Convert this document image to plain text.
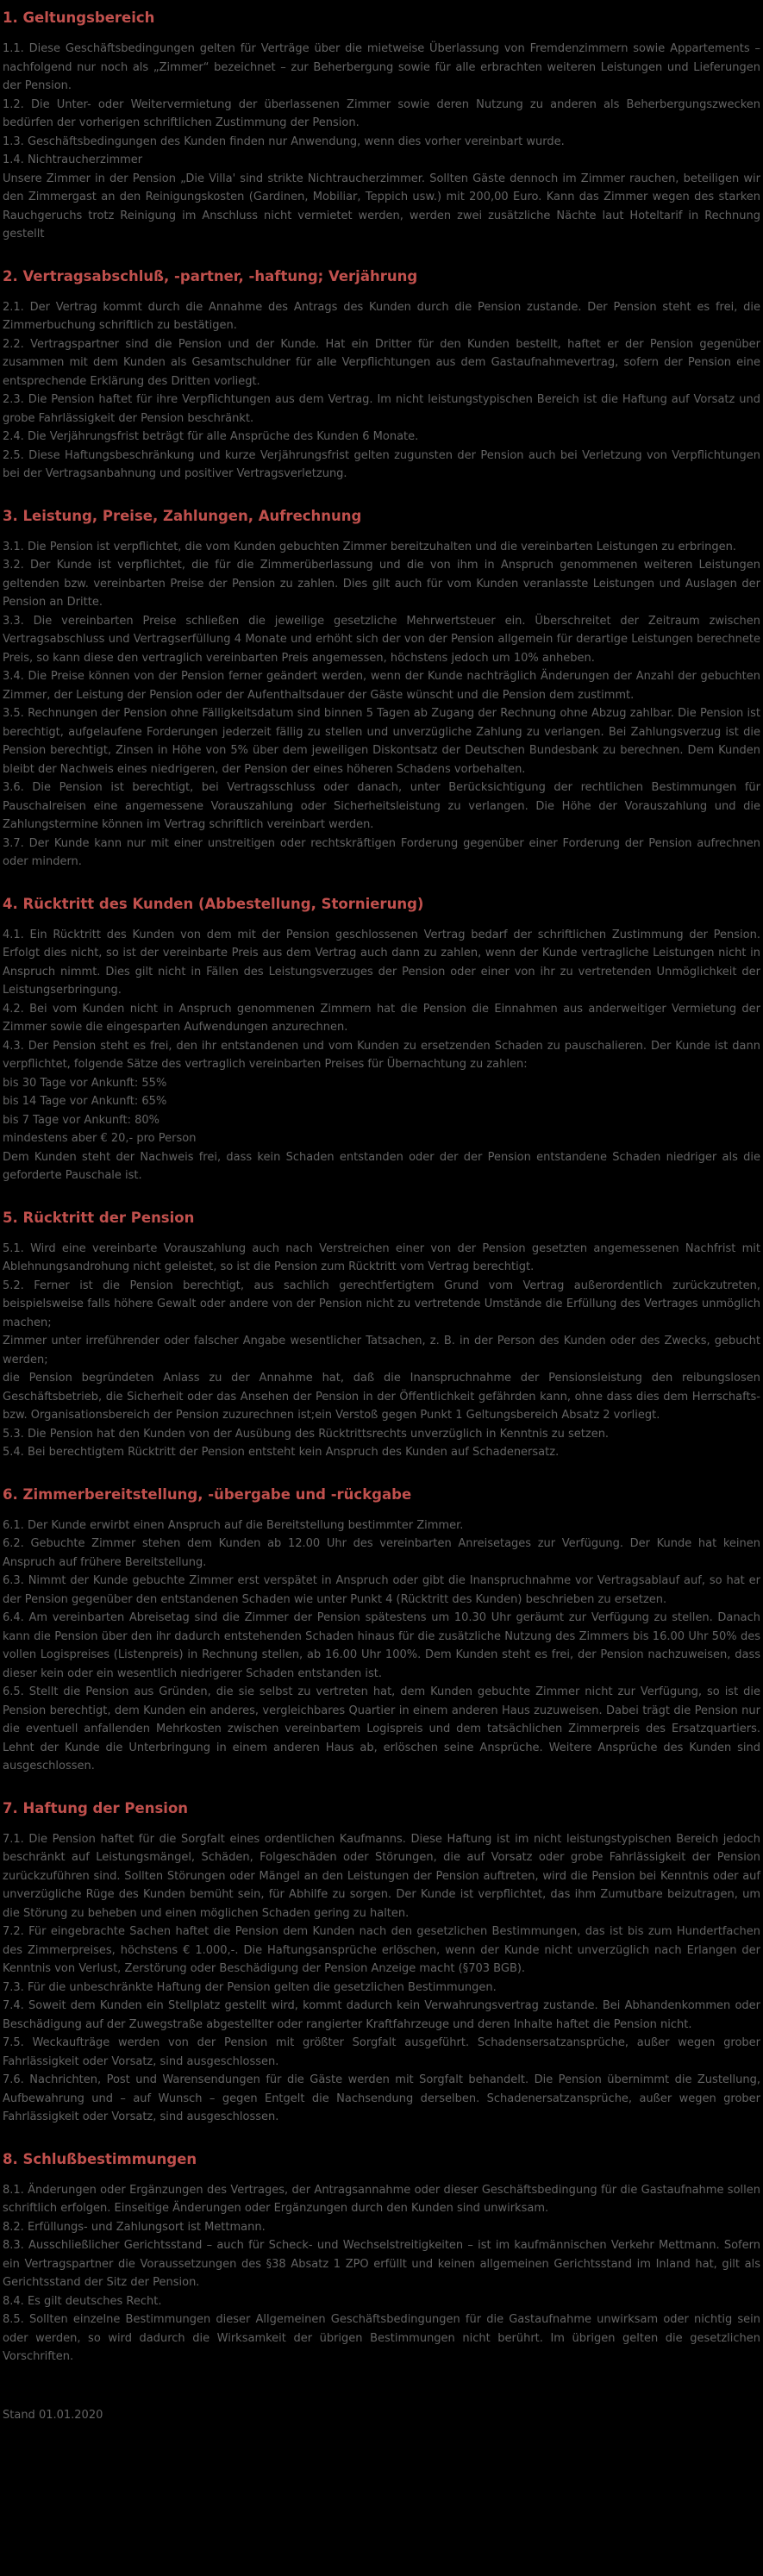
1. Geltungsbereich

1.1. Diese Geschäftsbedingungen gelten für Verträge über die mietweise Überlassung von Fremdenzimmern sowie Appartements – nachfolgend nur noch als „Zimmer“ bezeichnet – zur Beherbergung sowie für alle erbrachten weiteren Leistungen und Lieferungen der Pension.

1.2. Die Unter- oder Weitervermietung der überlassenen Zimmer sowie deren Nutzung zu anderen als Beherbergungszwecken bedürfen der vorherigen schriftlichen Zustimmung der Pension.

1.3. Geschäftsbedingungen des Kunden finden nur Anwendung, wenn dies vorher vereinbart wurde.

1.4. Nichtraucherzimmer

Unsere Zimmer in der Pension „Die Villa' sind strikte Nichtraucherzimmer. Sollten Gäste dennoch im Zimmer rauchen, beteiligen wir den Zimmergast an den Reinigungskosten (Gardinen, Mobiliar, Teppich usw.) mit 200,00 Euro. Kann das Zimmer wegen des starken Rauchgeruchs trotz Reinigung im Anschluss nicht vermietet werden, werden zwei zusätzliche Nächte laut Hoteltarif in Rechnung gestellt

2. Vertragsabschluß, -partner, -haftung; Verjährung

2.1. Der Vertrag kommt durch die Annahme des Antrags des Kunden durch die Pension zustande. Der Pension steht es frei, die Zimmerbuchung schriftlich zu bestätigen.

2.2. Vertragspartner sind die Pension und der Kunde. Hat ein Dritter für den Kunden bestellt, haftet er der Pension gegenüber zusammen mit dem Kunden als Gesamtschuldner für alle Verpflichtungen aus dem Gastaufnahmevertrag, sofern der Pension eine entsprechende Erklärung des Dritten vorliegt.

2.3. Die Pension haftet für ihre Verpflichtungen aus dem Vertrag. Im nicht leistungstypischen Bereich ist die Haftung auf Vorsatz und grobe Fahrlässigkeit der Pension beschränkt.

2.4. Die Verjährungsfrist beträgt für alle Ansprüche des Kunden 6 Monate.

2.5. Diese Haftungsbeschränkung und kurze Verjährungsfrist gelten zugunsten der Pension auch bei Verletzung von Verpflichtungen bei der Vertragsanbahnung und positiver Vertragsverletzung.

3. Leistung, Preise, Zahlungen, Aufrechnung

3.1. Die Pension ist verpflichtet, die vom Kunden gebuchten Zimmer bereitzuhalten und die vereinbarten Leistungen zu erbringen.

3.2. Der Kunde ist verpflichtet, die für die Zimmerüberlassung und die von ihm in Anspruch genommenen weiteren Leistungen geltenden bzw. vereinbarten Preise der Pension zu zahlen. Dies gilt auch für vom Kunden veranlasste Leistungen und Auslagen der Pension an Dritte.

3.3. Die vereinbarten Preise schließen die jeweilige gesetzliche Mehrwertsteuer ein. Überschreitet der Zeitraum zwischen Vertragsabschluss und Vertragserfüllung 4 Monate und erhöht sich der von der Pension allgemein für derartige Leistungen berechnete Preis, so kann diese den vertraglich vereinbarten Preis angemessen, höchstens jedoch um 10% anheben.

3.4. Die Preise können von der Pension ferner geändert werden, wenn der Kunde nachträglich Änderungen der Anzahl der gebuchten Zimmer, der Leistung der Pension oder der Aufenthaltsdauer der Gäste wünscht und die Pension dem zustimmt.

3.5. Rechnungen der Pension ohne Fälligkeitsdatum sind binnen 5 Tagen ab Zugang der Rechnung ohne Abzug zahlbar. Die Pension ist berechtigt, aufgelaufene Forderungen jederzeit fällig zu stellen und unverzügliche Zahlung zu verlangen. Bei Zahlungsverzug ist die Pension berechtigt, Zinsen in Höhe von 5% über dem jeweiligen Diskontsatz der Deutschen Bundesbank zu berechnen. Dem Kunden bleibt der Nachweis eines niedrigeren, der Pension der eines höheren Schadens vorbehalten.

3.6. Die Pension ist berechtigt, bei Vertragsschluss oder danach, unter Berücksichtigung der rechtlichen Bestimmungen für Pauschalreisen eine angemessene Vorauszahlung oder Sicherheitsleistung zu verlangen. Die Höhe der Vorauszahlung und die Zahlungstermine können im Vertrag schriftlich vereinbart werden.

3.7. Der Kunde kann nur mit einer unstreitigen oder rechtskräftigen Forderung gegenüber einer Forderung der Pension aufrechnen oder mindern.

4. Rücktritt des Kunden (Abbestellung, Stornierung)

4.1. Ein Rücktritt des Kunden von dem mit der Pension geschlossenen Vertrag bedarf der schriftlichen Zustimmung der Pension. Erfolgt dies nicht, so ist der vereinbarte Preis aus dem Vertrag auch dann zu zahlen, wenn der Kunde vertragliche Leistungen nicht in Anspruch nimmt. Dies gilt nicht in Fällen des Leistungsverzuges der Pension oder einer von ihr zu vertretenden Unmöglichkeit der Leistungserbringung.

4.2. Bei vom Kunden nicht in Anspruch genommenen Zimmern hat die Pension die Einnahmen aus anderweitiger Vermietung der Zimmer sowie die eingesparten Aufwendungen anzurechnen.

4.3. Der Pension steht es frei, den ihr entstandenen und vom Kunden zu ersetzenden Schaden zu pauschalieren. Der Kunde ist dann verpflichtet, folgende Sätze des vertraglich vereinbarten Preises für Übernachtung zu zahlen:

bis 30 Tage vor Ankunft: 55%

bis 14 Tage vor Ankunft: 65%

bis 7 Tage vor Ankunft: 80%

mindestens aber € 20,- pro Person

Dem Kunden steht der Nachweis frei, dass kein Schaden entstanden oder der der Pension entstandene Schaden niedriger als die geforderte Pauschale ist.

5. Rücktritt der Pension

5.1. Wird eine vereinbarte Vorauszahlung auch nach Verstreichen einer von der Pension gesetzten angemessenen Nachfrist mit Ablehnungsandrohung nicht geleistet, so ist die Pension zum Rücktritt vom Vertrag berechtigt.

5.2. Ferner ist die Pension berechtigt, aus sachlich gerechtfertigtem Grund vom Vertrag außerordentlich zurückzutreten, beispielsweise falls höhere Gewalt oder andere von der Pension nicht zu vertretende Umstände die Erfüllung des Vertrages unmöglich machen;

Zimmer unter irreführender oder falscher Angabe wesentlicher Tatsachen, z. B. in der Person des Kunden oder des Zwecks, gebucht werden;

die Pension begründeten Anlass zu der Annahme hat, daß die Inanspruchnahme der Pensionsleistung den reibungslosen Geschäftsbetrieb, die Sicherheit oder das Ansehen der Pension in der Öffentlichkeit gefährden kann, ohne dass dies dem Herrschafts- bzw. Organisationsbereich der Pension zuzurechnen ist;ein Verstoß gegen Punkt 1 Geltungsbereich Absatz 2 vorliegt.

5.3. Die Pension hat den Kunden von der Ausübung des Rücktrittsrechts unverzüglich in Kenntnis zu setzen.

5.4. Bei berechtigtem Rücktritt der Pension entsteht kein Anspruch des Kunden auf Schadenersatz.

6. Zimmerbereitstellung, -übergabe und -rückgabe

6.1. Der Kunde erwirbt einen Anspruch auf die Bereitstellung bestimmter Zimmer.

6.2. Gebuchte Zimmer stehen dem Kunden ab 12.00 Uhr des vereinbarten Anreisetages zur Verfügung. Der Kunde hat keinen Anspruch auf frühere Bereitstellung.

6.3. Nimmt der Kunde gebuchte Zimmer erst verspätet in Anspruch oder gibt die Inanspruchnahme vor Vertragsablauf auf, so hat er der Pension gegenüber den entstandenen Schaden wie unter Punkt 4 (Rücktritt des Kunden) beschrieben zu ersetzen.

6.4. Am vereinbarten Abreisetag sind die Zimmer der Pension spätestens um 10.30 Uhr geräumt zur Verfügung zu stellen. Danach kann die Pension über den ihr dadurch entstehenden Schaden hinaus für die zusätzliche Nutzung des Zimmers bis 16.00 Uhr 50% des vollen Logispreises (Listenpreis) in Rechnung stellen, ab 16.00 Uhr 100%. Dem Kunden steht es frei, der Pension nachzuweisen, dass dieser kein oder ein wesentlich niedrigerer Schaden entstanden ist.

6.5. Stellt die Pension aus Gründen, die sie selbst zu vertreten hat, dem Kunden gebuchte Zimmer nicht zur Verfügung, so ist die Pension berechtigt, dem Kunden ein anderes, vergleichbares Quartier in einem anderen Haus zuzuweisen. Dabei trägt die Pension nur die eventuell anfallenden Mehrkosten zwischen vereinbartem Logispreis und dem tatsächlichen Zimmerpreis des Ersatzquartiers. Lehnt der Kunde die Unterbringung in einem anderen Haus ab, erlöschen seine Ansprüche. Weitere Ansprüche des Kunden sind ausgeschlossen.

7. Haftung der Pension

7.1. Die Pension haftet für die Sorgfalt eines ordentlichen Kaufmanns. Diese Haftung ist im nicht leistungstypischen Bereich jedoch beschränkt auf Leistungsmängel, Schäden, Folgeschäden oder Störungen, die auf Vorsatz oder grobe Fahrlässigkeit der Pension zurückzuführen sind. Sollten Störungen oder Mängel an den Leistungen der Pension auftreten, wird die Pension bei Kenntnis oder auf unverzügliche Rüge des Kunden bemüht sein, für Abhilfe zu sorgen. Der Kunde ist verpflichtet, das ihm Zumutbare beizutragen, um die Störung zu beheben und einen möglichen Schaden gering zu halten.

7.2. Für eingebrachte Sachen haftet die Pension dem Kunden nach den gesetzlichen Bestimmungen, das ist bis zum Hundertfachen des Zimmerpreises, höchstens € 1.000,-. Die Haftungsansprüche erlöschen, wenn der Kunde nicht unverzüglich nach Erlangen der Kenntnis von Verlust, Zerstörung oder Beschädigung der Pension Anzeige macht (§703 BGB).

7.3. Für die unbeschränkte Haftung der Pension gelten die gesetzlichen Bestimmungen.

7.4. Soweit dem Kunden ein Stellplatz gestellt wird, kommt dadurch kein Verwahrungsvertrag zustande. Bei Abhandenkommen oder Beschädigung auf der Zuwegstraße abgestellter oder rangierter Kraftfahrzeuge und deren Inhalte haftet die Pension nicht.

7.5. Weckaufträge werden von der Pension mit größter Sorgfalt ausgeführt. Schadensersatzansprüche, außer wegen grober Fahrlässigkeit oder Vorsatz, sind ausgeschlossen.

7.6. Nachrichten, Post und Warensendungen für die Gäste werden mit Sorgfalt behandelt. Die Pension übernimmt die Zustellung, Aufbewahrung und – auf Wunsch – gegen Entgelt die Nachsendung derselben. Schadenersatzansprüche, außer wegen grober Fahrlässigkeit oder Vorsatz, sind ausgeschlossen.

8. Schlußbestimmungen

8.1. Änderungen oder Ergänzungen des Vertrages, der Antragsannahme oder dieser Geschäftsbedingung für die Gastaufnahme sollen schriftlich erfolgen. Einseitige Änderungen oder Ergänzungen durch den Kunden sind unwirksam.

8.2. Erfüllungs- und Zahlungsort ist Mettmann.

8.3. Ausschließlicher Gerichtsstand – auch für Scheck- und Wechselstreitigkeiten – ist im kaufmännischen Verkehr Mettmann. Sofern ein Vertragspartner die Voraussetzungen des §38 Absatz 1 ZPO erfüllt und keinen allgemeinen Gerichtsstand im Inland hat, gilt als Gerichtsstand der Sitz der Pension.

8.4. Es gilt deutsches Recht.

8.5. Sollten einzelne Bestimmungen dieser Allgemeinen Geschäftsbedingungen für die Gastaufnahme unwirksam oder nichtig sein oder werden, so wird dadurch die Wirksamkeit der übrigen Bestimmungen nicht berührt. Im übrigen gelten die gesetzlichen Vorschriften.

Stand 01.01.2020
